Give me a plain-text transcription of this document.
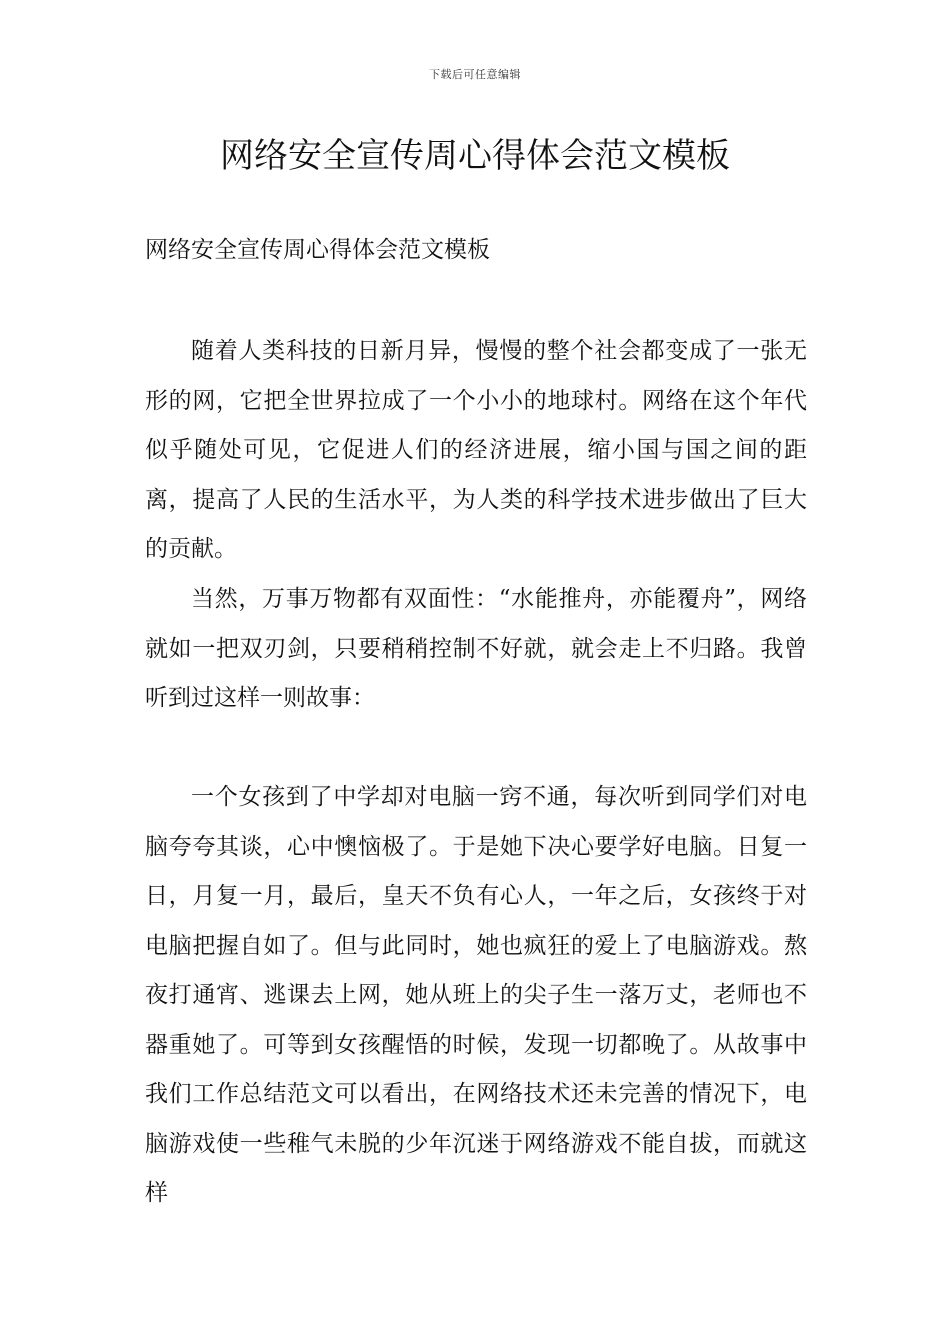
下载后可任意编辑
网络安全宣传周心得体会范文模板

网络安全宣传周心得体会范文模板

随着人类科技的日新月异，慢慢的整个社会都变成了一张无形的网，它把全世界拉成了一个小小的地球村。网络在这个年代似乎随处可见，它促进人们的经济进展，缩小国与国之间的距离，提高了人民的生活水平，为人类的科学技术进步做出了巨大的贡献。

当然，万事万物都有双面性：“水能推舟，亦能覆舟”，网络就如一把双刃剑，只要稍稍控制不好就，就会走上不归路。我曾听到过这样一则故事：

一个女孩到了中学却对电脑一窍不通，每次听到同学们对电脑夸夸其谈，心中懊恼极了。于是她下决心要学好电脑。日复一日，月复一月，最后，皇天不负有心人，一年之后，女孩终于对电脑把握自如了。但与此同时，她也疯狂的爱上了电脑游戏。熬夜打通宵、逃课去上网，她从班上的尖子生一落万丈，老师也不器重她了。可等到女孩醒悟的时候，发现一切都晚了。从故事中我们工作总结范文可以看出，在网络技术还未完善的情况下，电脑游戏使一些稚气未脱的少年沉迷于网络游戏不能自拔，而就这样
